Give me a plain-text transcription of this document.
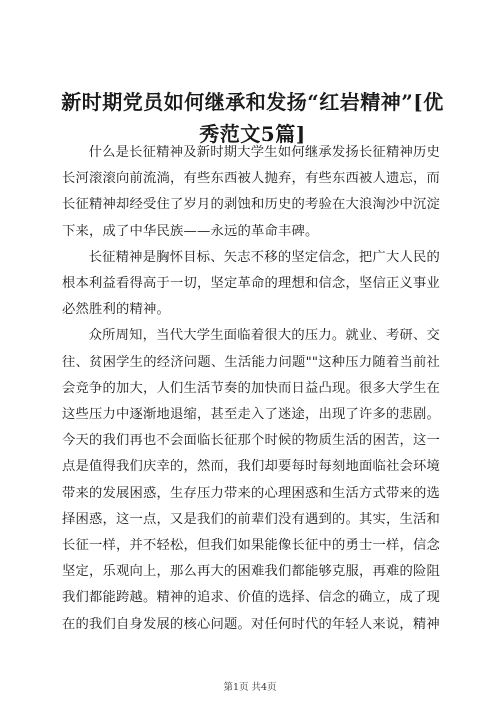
新时期党员如何继承和发扬“红岩精神”[优秀范文5篇]

什么是长征精神及新时期大学生如何继承发扬长征精神历史长河滚滚向前流淌，有些东西被人抛弃，有些东西被人遗忘，而长征精神却经受住了岁月的剥蚀和历史的考验在大浪淘沙中沉淀下来，成了中华民族——永远的革命丰碑。

长征精神是胸怀目标、矢志不移的坚定信念，把广大人民的根本利益看得高于一切，坚定革命的理想和信念，坚信正义事业必然胜利的精神。

众所周知，当代大学生面临着很大的压力。就业、考研、交往、贫困学生的经济问题、生活能力问题""这种压力随着当前社会竞争的加大，人们生活节奏的加快而日益凸现。很多大学生在这些压力中逐渐地退缩，甚至走入了迷途，出现了许多的悲剧。今天的我们再也不会面临长征那个时候的物质生活的困苦，这一点是值得我们庆幸的，然而，我们却要每时每刻地面临社会环境带来的发展困惑，生存压力带来的心理困惑和生活方式带来的选择困惑，这一点，又是我们的前辈们没有遇到的。其实，生活和长征一样，并不轻松，但我们如果能像长征中的勇士一样，信念坚定，乐观向上，那么再大的困难我们都能够克服，再难的险阻我们都能跨越。精神的追求、价值的选择、信念的确立，成了现在的我们自身发展的核心问题。对任何时代的年轻人来说，精神

第1页 共4页
